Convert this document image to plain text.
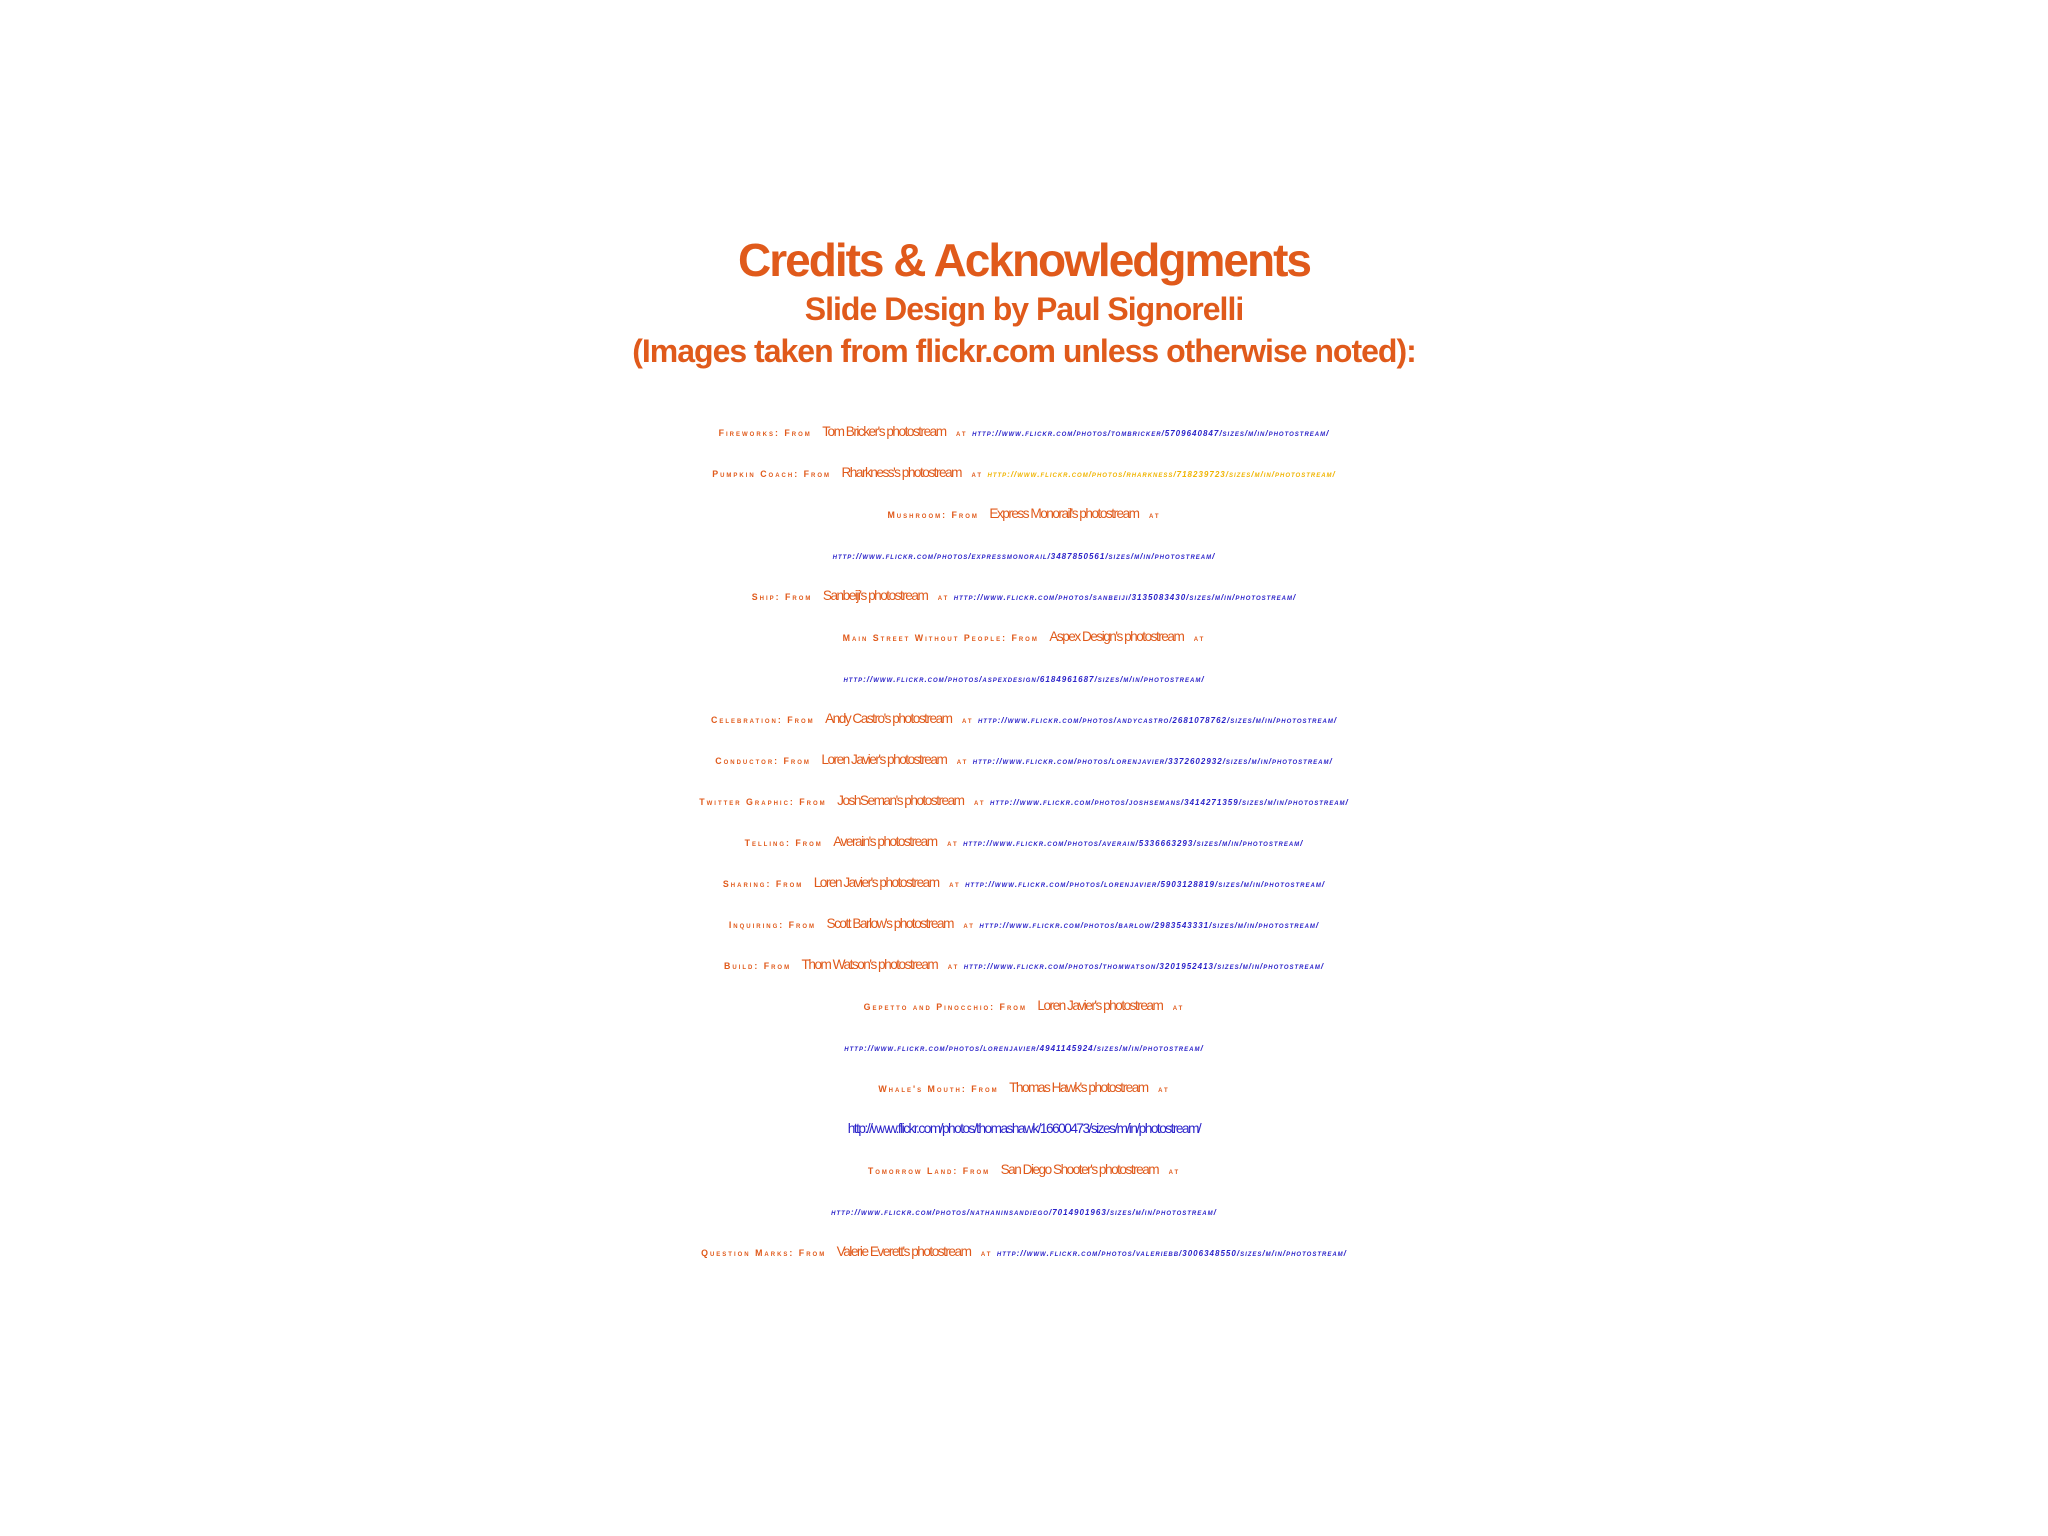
Credits & Acknowledgments
Slide Design by Paul Signorelli
(Images taken from flickr.com unless otherwise noted):
Fireworks: From Tom Bricker's photostream at http://www.flickr.com/photos/tombricker/5709640847/sizes/m/in/photostream/
Pumpkin Coach: From Rharkness's photostream at http://www.flickr.com/photos/rharkness/718239723/sizes/m/in/photostream/
Mushroom: From Express Monorail's photostream at
http://www.flickr.com/photos/expressmonorail/3487850561/sizes/m/in/photostream/
Ship: From Sanbeiji's photostream at http://www.flickr.com/photos/sanbeiji/3135083430/sizes/m/in/photostream/
Main Street Without People: From Aspex Design's photostream at
http://www.flickr.com/photos/aspexdesign/6184961687/sizes/m/in/photostream/
Celebration: From Andy Castro's photostream at http://www.flickr.com/photos/andycastro/2681078762/sizes/m/in/photostream/
Conductor: From Loren Javier's photostream at http://www.flickr.com/photos/lorenjavier/3372602932/sizes/m/in/photostream/
Twitter Graphic: From JoshSeman's photostream at http://www.flickr.com/photos/joshsemans/3414271359/sizes/m/in/photostream/
Telling: From Averain's photostream at http://www.flickr.com/photos/averain/5336663293/sizes/m/in/photostream/
Sharing: From Loren Javier's photostream at http://www.flickr.com/photos/lorenjavier/5903128819/sizes/m/in/photostream/
Inquiring: From Scott Barlow's photostream at http://www.flickr.com/photos/barlow/2983543331/sizes/m/in/photostream/
Build: From Thom Watson's photostream at http://www.flickr.com/photos/thomwatson/3201952413/sizes/m/in/photostream/
Gepetto and Pinocchio: From Loren Javier's photostream at
http://www.flickr.com/photos/lorenjavier/4941145924/sizes/m/in/photostream/
Whale's Mouth: From Thomas Hawk's photostream at
http://www.flickr.com/photos/thomashawk/16600473/sizes/m/in/photostream/
Tomorrow Land: From San Diego Shooter's photostream at
http://www.flickr.com/photos/nathaninsandiego/7014901963/sizes/m/in/photostream/
Question Marks: From Valerie Everett's photostream at http://www.flickr.com/photos/valeriebb/3006348550/sizes/m/in/photostream/
